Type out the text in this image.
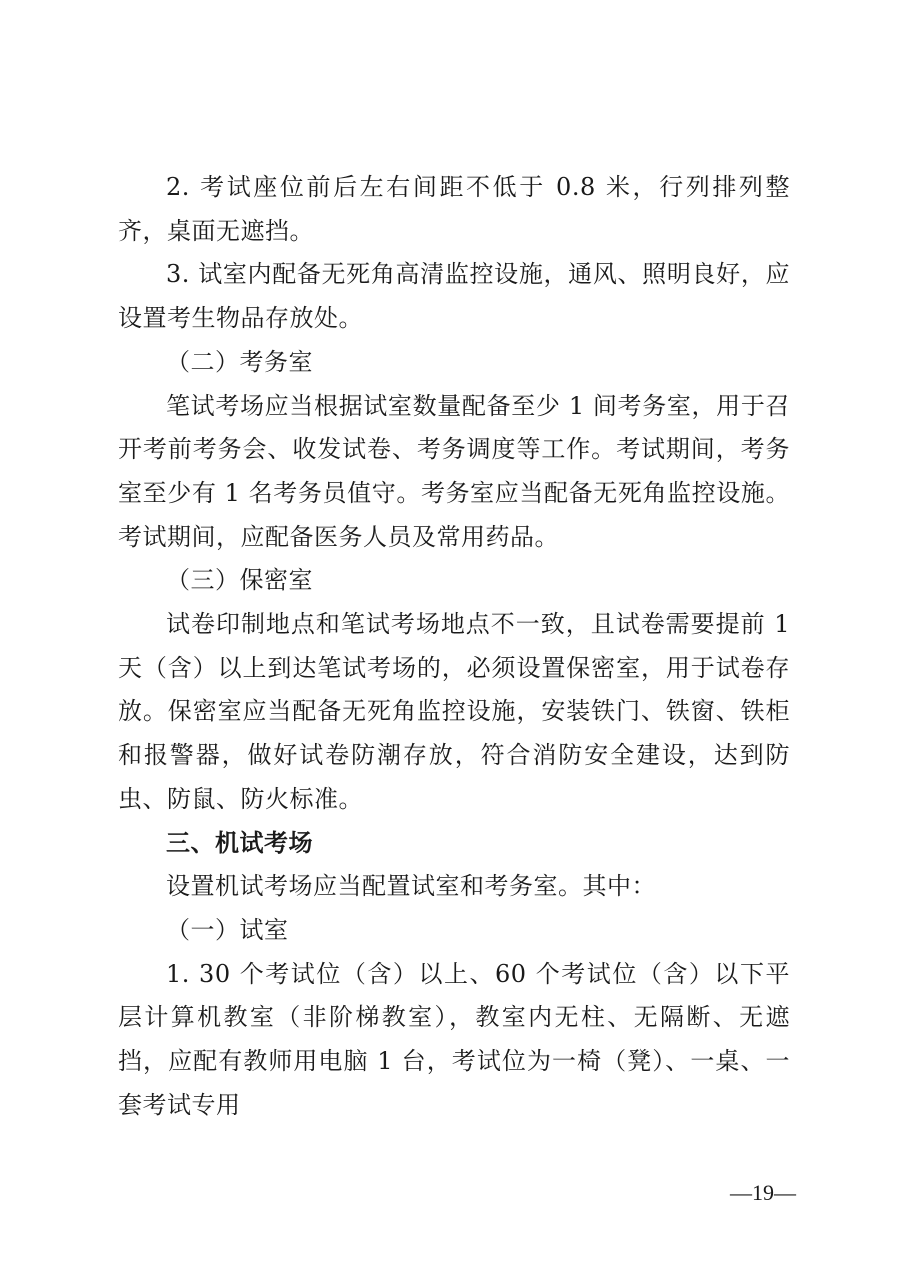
2. 考试座位前后左右间距不低于 0.8 米，行列排列整齐，桌面无遮挡。

3. 试室内配备无死角高清监控设施，通风、照明良好，应设置考生物品存放处。

（二）考务室

笔试考场应当根据试室数量配备至少 1 间考务室，用于召开考前考务会、收发试卷、考务调度等工作。考试期间，考务室至少有 1 名考务员值守。考务室应当配备无死角监控设施。考试期间，应配备医务人员及常用药品。

（三）保密室

试卷印制地点和笔试考场地点不一致，且试卷需要提前 1 天（含）以上到达笔试考场的，必须设置保密室，用于试卷存放。保密室应当配备无死角监控设施，安装铁门、铁窗、铁柜和报警器，做好试卷防潮存放，符合消防安全建设，达到防虫、防鼠、防火标准。

三、机试考场

设置机试考场应当配置试室和考务室。其中：

（一）试室

1. 30 个考试位（含）以上、60 个考试位（含）以下平层计算机教室（非阶梯教室），教室内无柱、无隔断、无遮挡，应配有教师用电脑 1 台，考试位为一椅（凳）、一桌、一套考试专用

—19—
